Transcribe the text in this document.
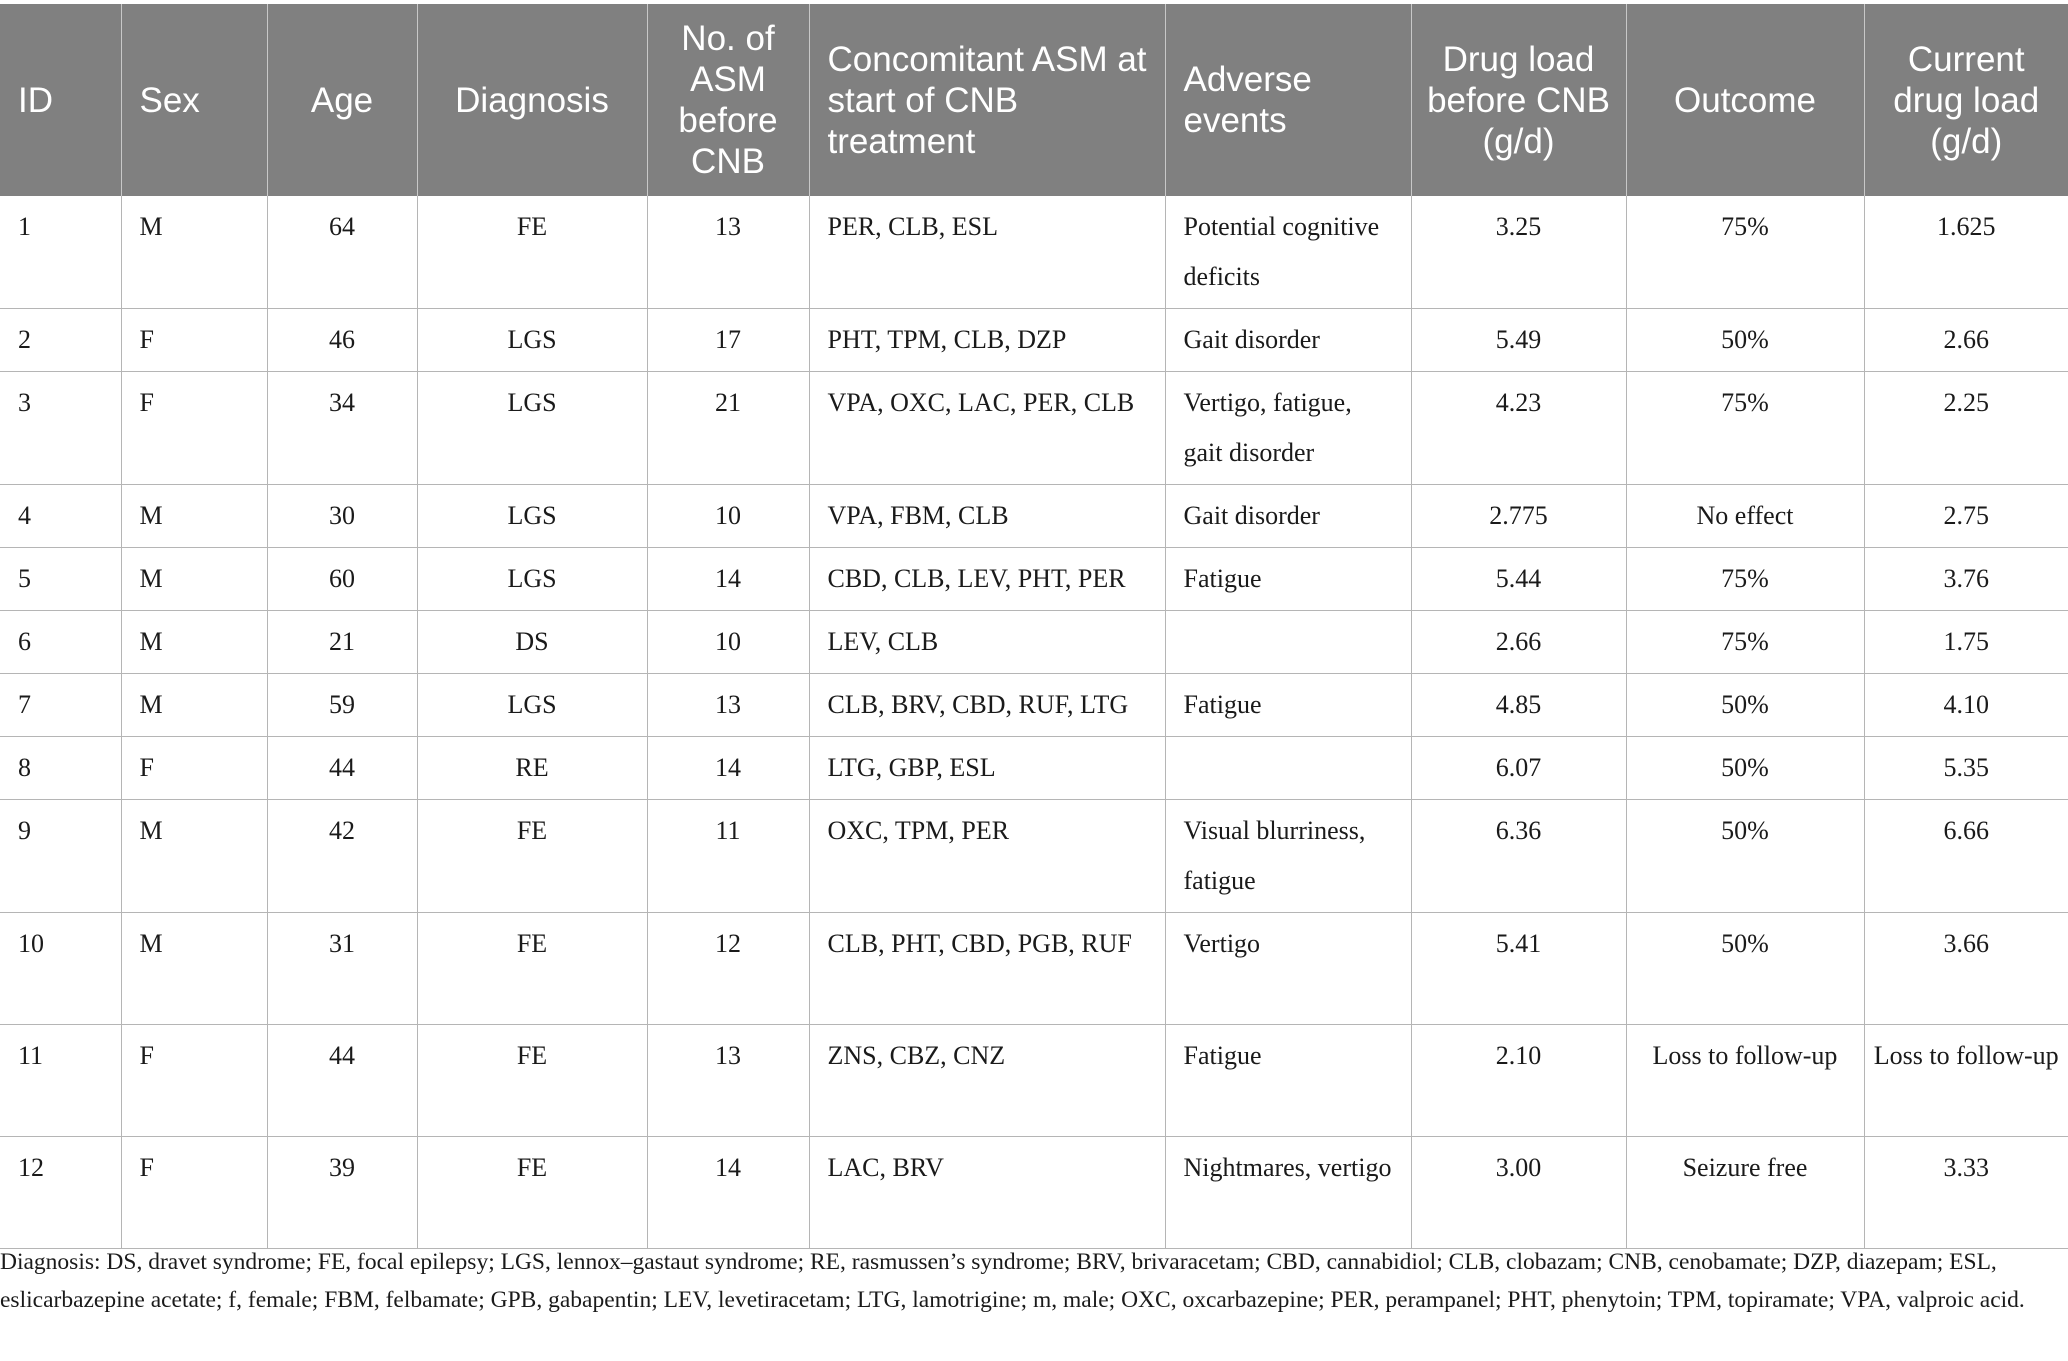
ID	Sex	Age	Diagnosis	No. of ASM before CNB	Concomitant ASM at start of CNB treatment	Adverse events	Drug load before CNB (g/d)	Outcome	Current drug load (g/d)
1	M	64	FE	13	PER, CLB, ESL	Potential cognitive deficits	3.25	75%	1.625
2	F	46	LGS	17	PHT, TPM, CLB, DZP	Gait disorder	5.49	50%	2.66
3	F	34	LGS	21	VPA, OXC, LAC, PER, CLB	Vertigo, fatigue, gait disorder	4.23	75%	2.25
4	M	30	LGS	10	VPA, FBM, CLB	Gait disorder	2.775	No effect	2.75
5	M	60	LGS	14	CBD, CLB, LEV, PHT, PER	Fatigue	5.44	75%	3.76
6	M	21	DS	10	LEV, CLB		2.66	75%	1.75
7	M	59	LGS	13	CLB, BRV, CBD, RUF, LTG	Fatigue	4.85	50%	4.10
8	F	44	RE	14	LTG, GBP, ESL		6.07	50%	5.35
9	M	42	FE	11	OXC, TPM, PER	Visual blurriness, fatigue	6.36	50%	6.66
10	M	31	FE	12	CLB, PHT, CBD, PGB, RUF	Vertigo	5.41	50%	3.66
11	F	44	FE	13	ZNS, CBZ, CNZ	Fatigue	2.10	Loss to follow-up	Loss to follow-up
12	F	39	FE	14	LAC, BRV	Nightmares, vertigo	3.00	Seizure free	3.33
Diagnosis: DS, dravet syndrome; FE, focal epilepsy; LGS, lennox–gastaut syndrome; RE, rasmussen’s syndrome; BRV, brivaracetam; CBD, cannabidiol; CLB, clobazam; CNB, cenobamate; DZP, diazepam; ESL, eslicarbazepine acetate; f, female; FBM, felbamate; GPB, gabapentin; LEV, levetiracetam; LTG, lamotrigine; m, male; OXC, oxcarbazepine; PER, perampanel; PHT, phenytoin; TPM, topiramate; VPA, valproic acid.
